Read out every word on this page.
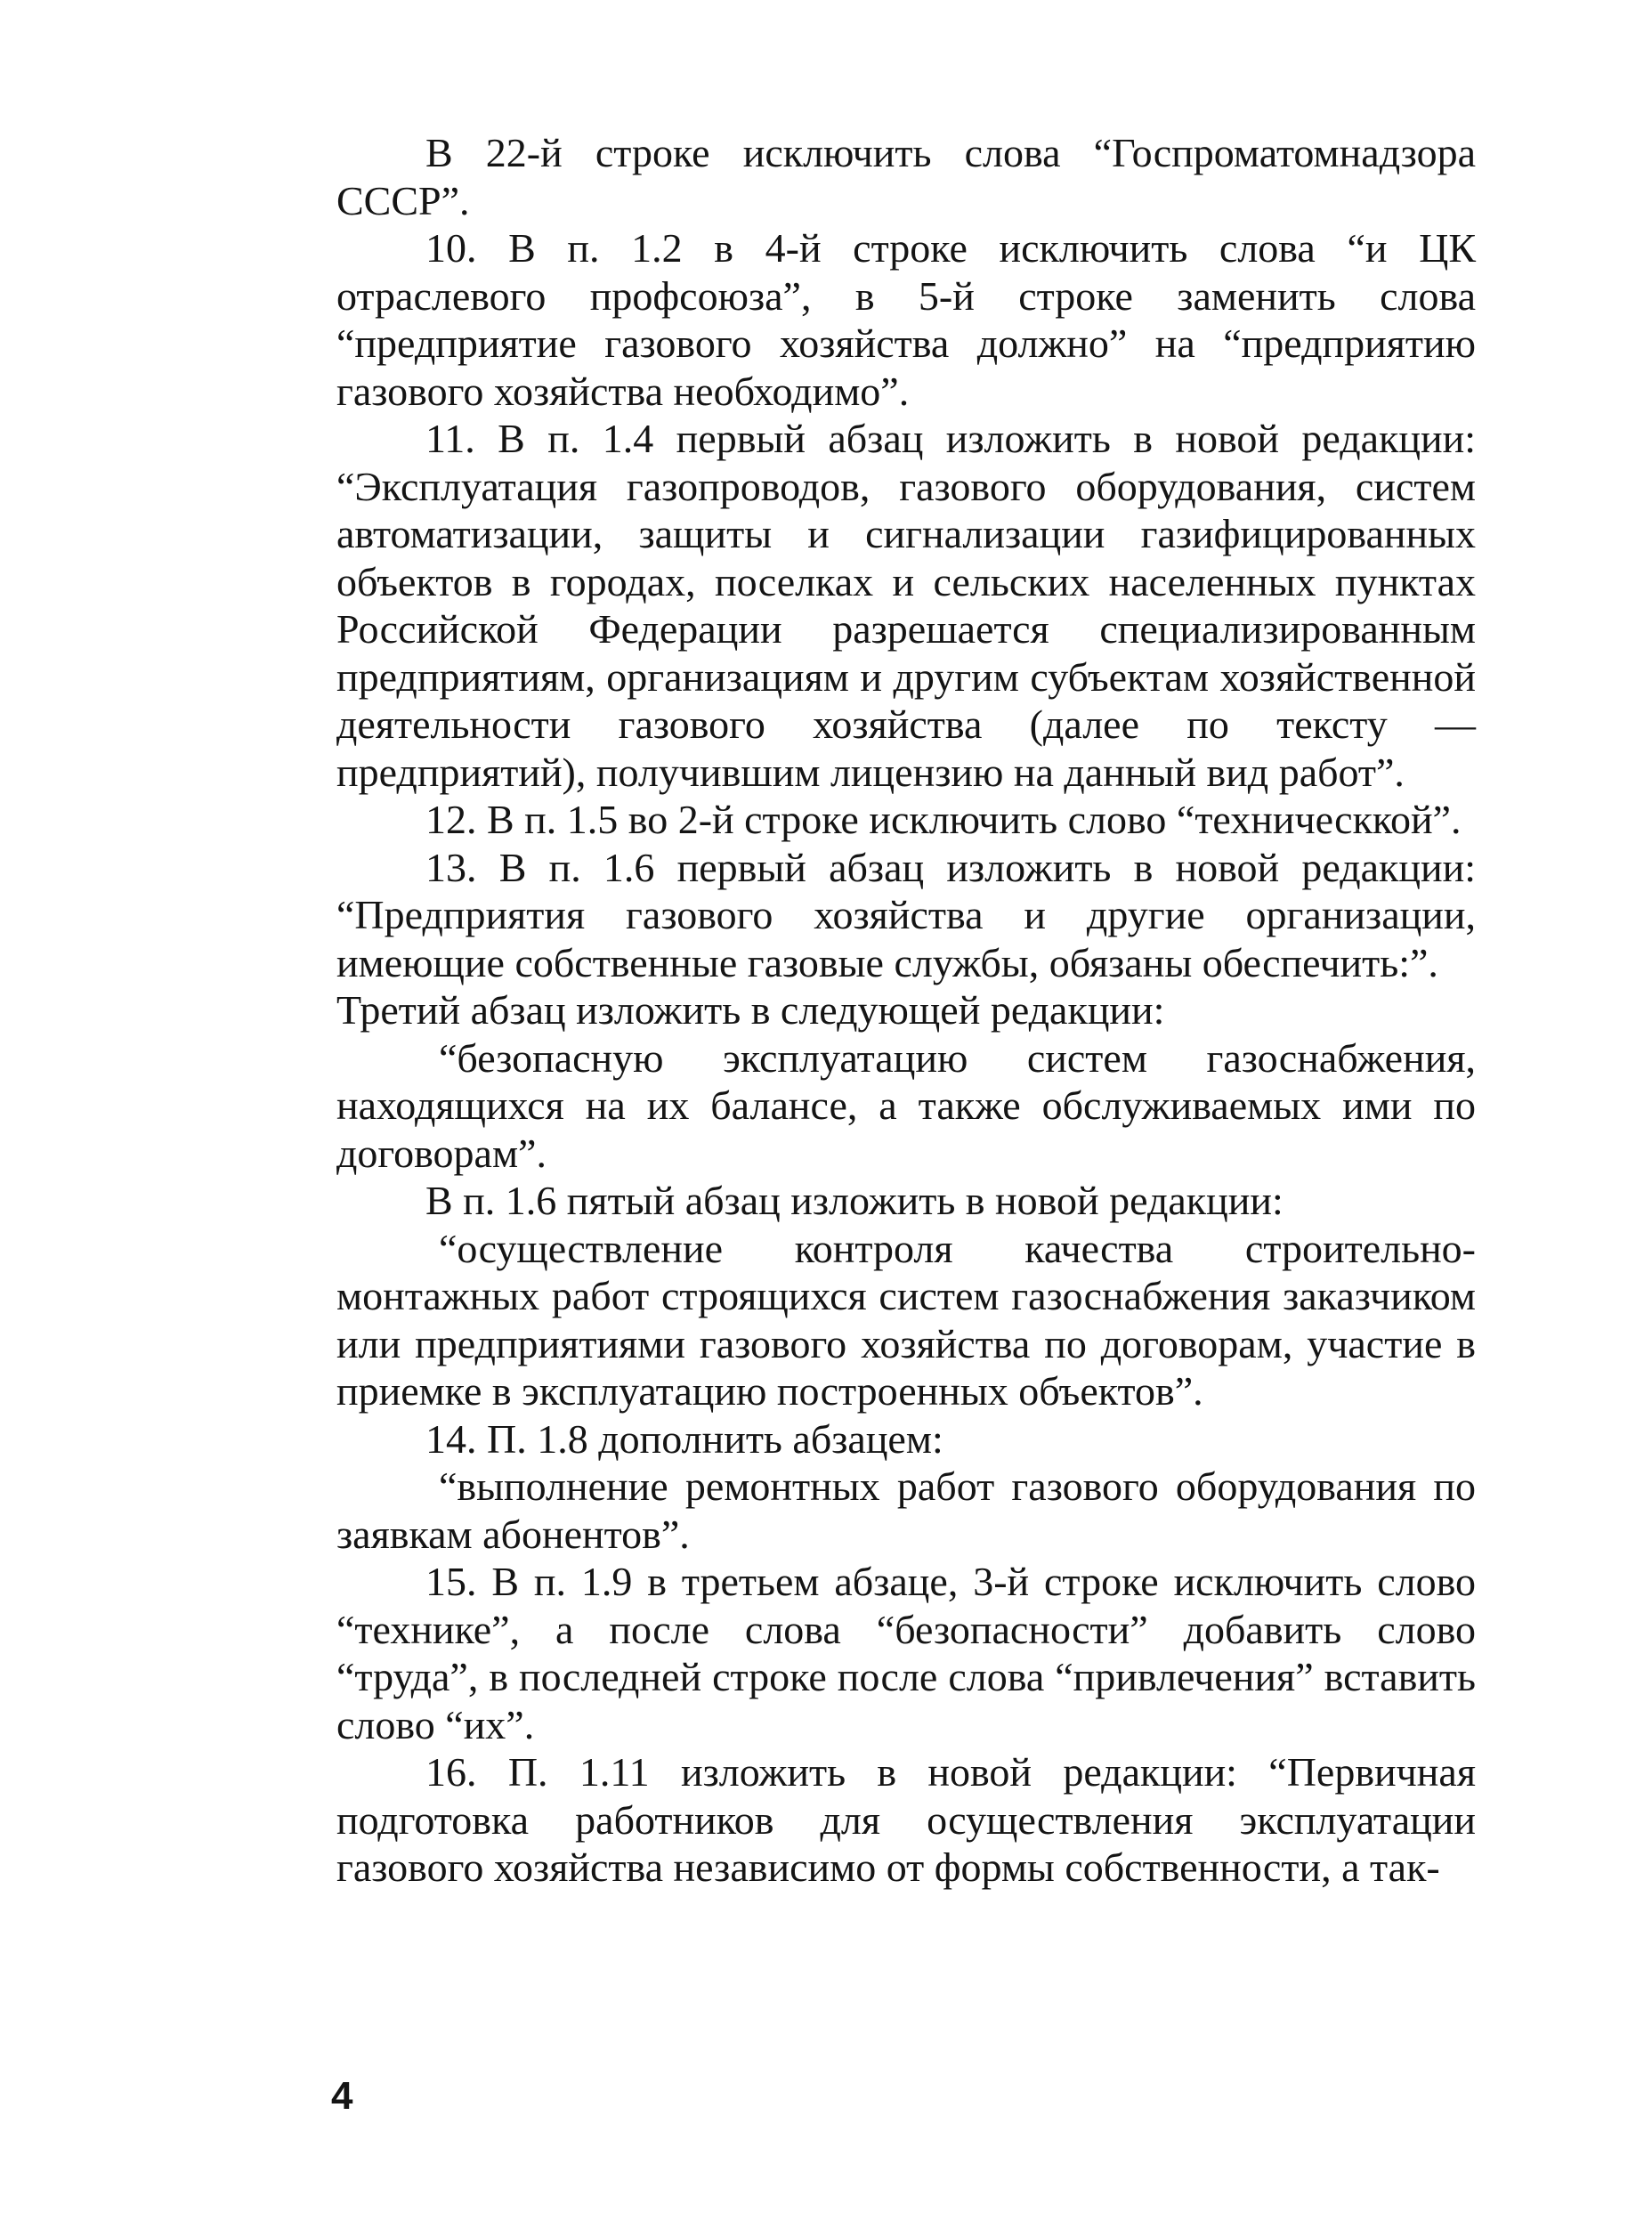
В 22-й строке исключить слова “Госпроматомнадзора СССР”.

10. В п. 1.2 в 4-й строке исключить слова “и ЦК отраслевого профсоюза”, в 5-й строке заменить слова “предприятие газового хозяйства должно” на “предприятию газового хозяйства необходимо”.

11. В п. 1.4 первый абзац изложить в новой редакции: “Эксплуатация газопроводов, газового оборудования, систем автоматизации, защиты и сигнализации газифицированных объектов в городах, поселках и сельских населенных пунктах Российской Федерации разрешается специализированным предприятиям, организациям и другим субъектам хозяйственной деятельности газового хозяйства (далее по тексту — предприятий), получившим лицензию на данный вид работ”.

12. В п. 1.5 во 2-й строке исключить слово “техническкой”.

13. В п. 1.6 первый абзац изложить в новой редакции: “Предприятия газового хозяйства и другие организации, имеющие собственные газовые службы, обязаны обеспечить:”.

Третий абзац изложить в следующей редакции:

“безопасную эксплуатацию систем газоснабжения, находящихся на их балансе, а также обслуживаемых ими по договорам”.

В п. 1.6 пятый абзац изложить в новой редакции:

“осуществление контроля качества строительно-монтажных работ строящихся систем газоснабжения заказчиком или предприятиями газового хозяйства по договорам, участие в приемке в эксплуатацию построенных объектов”.

14. П. 1.8 дополнить абзацем:

“выполнение ремонтных работ газового оборудования по заявкам абонентов”.

15. В п. 1.9 в третьем абзаце, 3-й строке исключить слово “технике”, а после слова “безопасности” добавить слово “труда”, в последней строке после слова “привлечения” вставить слово “их”.

16. П. 1.11 изложить в новой редакции: “Первичная подготовка работников для осуществления эксплуатации газового хозяйства независимо от формы собственности, а так-

4
